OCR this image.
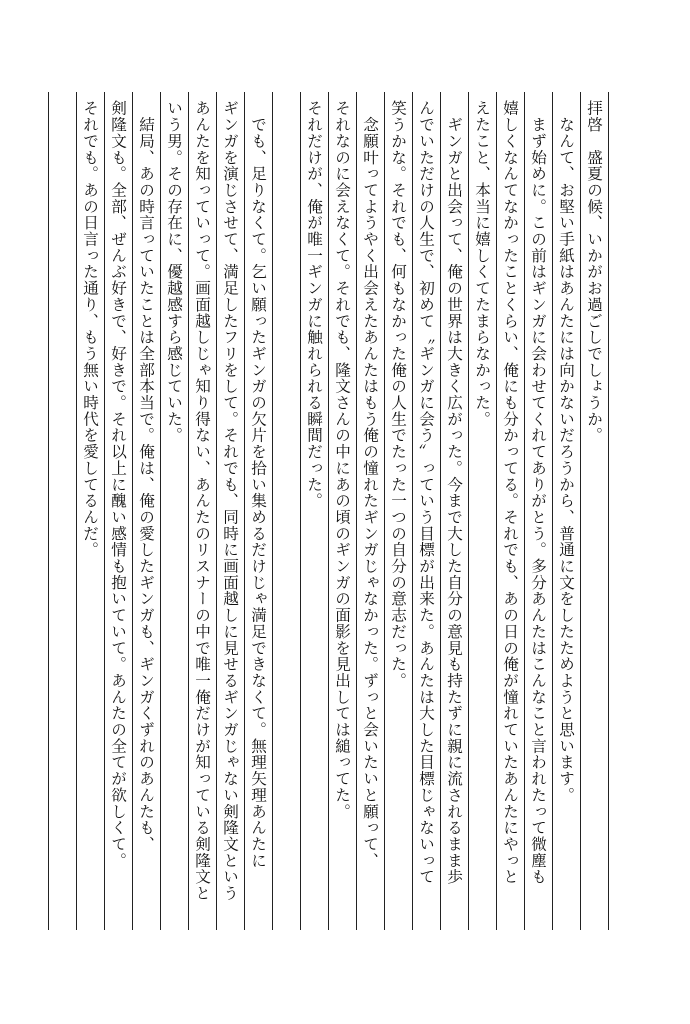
拝啓　盛夏の候、いかがお過ごしでしょうか。
　なんて、お堅い手紙はあんたには向かないだろうから、普通に文をしたためようと思います。
　まず始めに。この前はギンガに会わせてくれてありがとう。多分あんたはこんなこと言われたって微塵も
嬉しくなんてなかったことくらい、俺にも分かってる。それでも、あの日の俺が憧れていたあんたにやっと
えたこと、本当に嬉しくてたまらなかった。
　ギンガと出会って、俺の世界は大きく広がった。今まで大した自分の意見も持たずに親に流されるまま歩
んでいただけの人生で、初めて〝ギンガに会う〟っていう目標が出来た。あんたは大した目標じゃないって
笑うかな。それでも、何もなかった俺の人生でたった一つの自分の意志だった。
　念願叶ってようやく出会えたあんたはもう俺の憧れたギンガじゃなかった。ずっと会いたいと願って、
それなのに会えなくて。それでも、隆文さんの中にあの頃のギンガの面影を見出しては縋ってた。
それだけが、俺が唯一ギンガに触れられる瞬間だった。
　でも、足りなくて。乞い願ったギンガの欠片を拾い集めるだけじゃ満足できなくて。無理矢理あんたに
ギンガを演じさせて、満足したフリをして。それでも、同時に画面越しに見せるギンガじゃない剣隆文という
あんたを知っていって。画面越しじゃ知り得ない、あんたのリスナーの中で唯一俺だけが知っている剣隆文と
いう男。その存在に、優越感すら感じていた。
　結局、あの時言っていたことは全部本当で。俺は、俺の愛したギンガも、ギンガくずれのあんたも、
剣隆文も。全部、ぜんぶ好きで、好きで。それ以上に醜い感情も抱いていて。あんたの全てが欲しくて。
それでも。あの日言った通り、もう無い時代を愛してるんだ。
